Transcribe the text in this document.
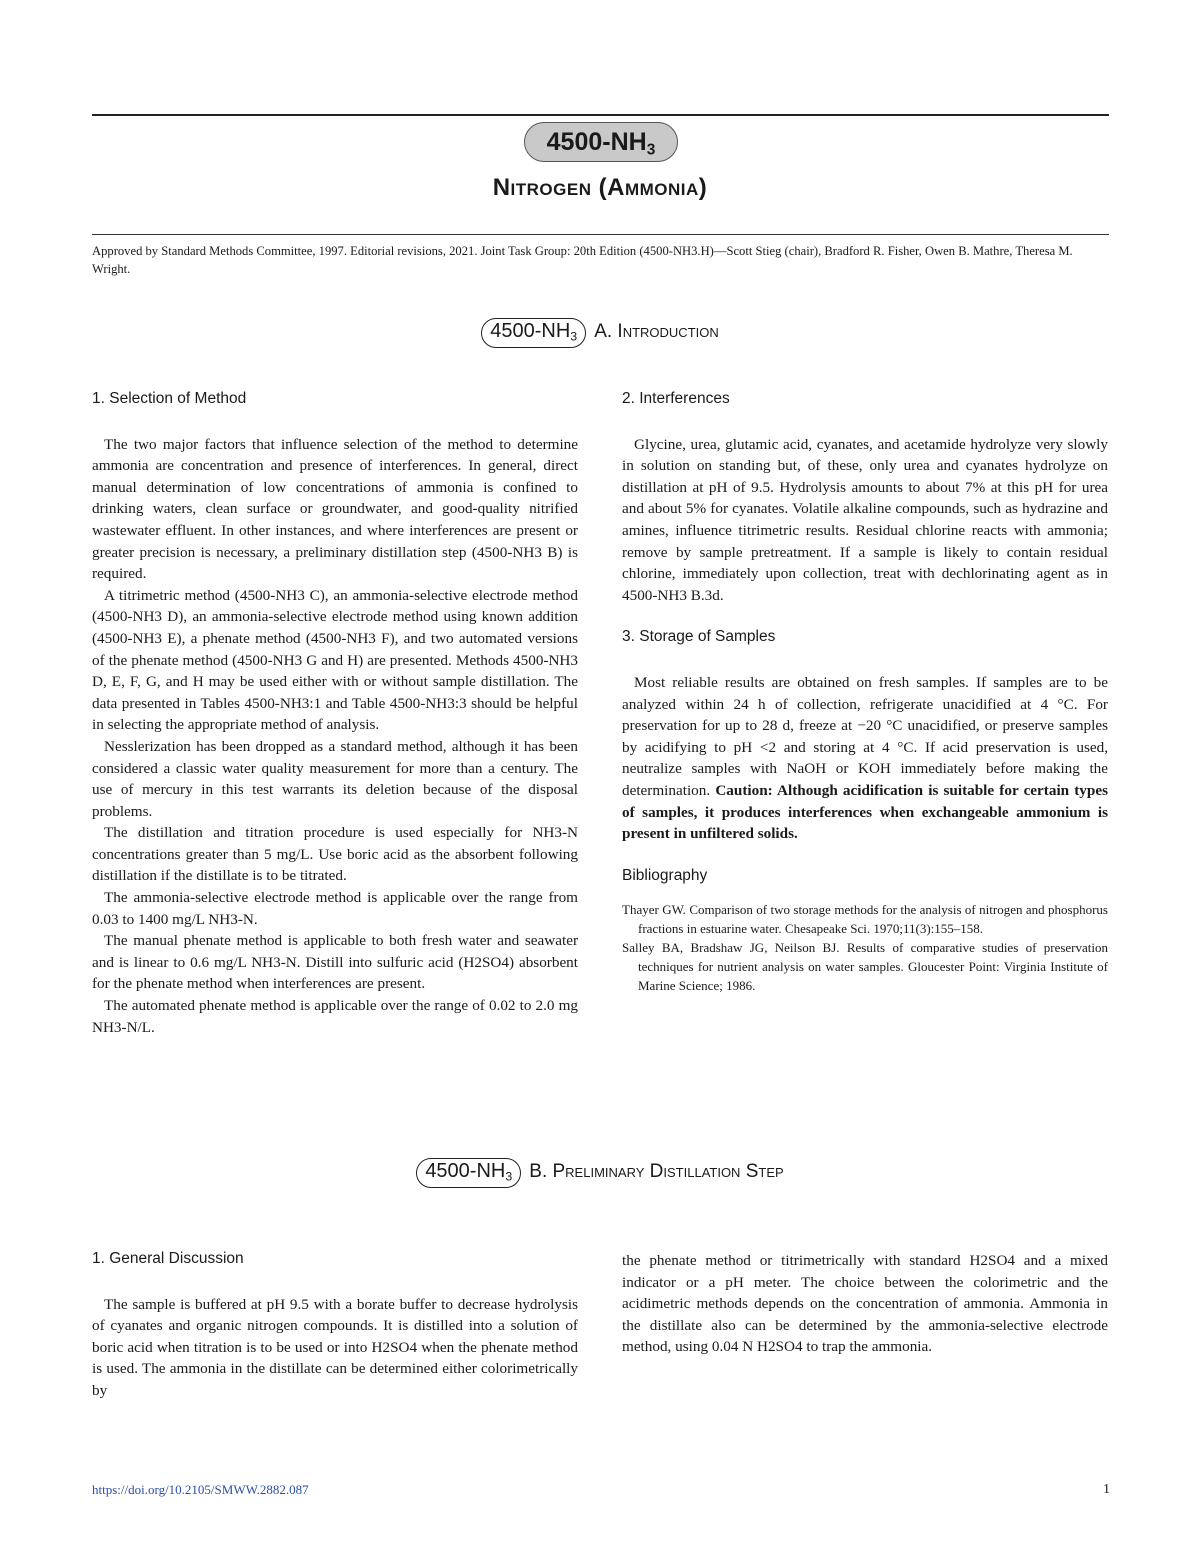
$4500-NH_3$
Nitrogen (Ammonia)
Approved by Standard Methods Committee, 1997. Editorial revisions, 2021. Joint Task Group: 20th Edition (4500-NH3.H)—Scott Stieg (chair), Bradford R. Fisher, Owen B. Mathre, Theresa M. Wright.
$4500-NH_3$ A. Introduction
1. Selection of Method

The two major factors that influence selection of the method to determine ammonia are concentration and presence of interferences. In general, direct manual determination of low concentrations of ammonia is confined to drinking waters, clean surface or groundwater, and good-quality nitrified wastewater effluent. In other instances, and where interferences are present or greater precision is necessary, a preliminary distillation step (4500-NH3 B) is required.

A titrimetric method (4500-NH3 C), an ammonia-selective electrode method (4500-NH3 D), an ammonia-selective electrode method using known addition (4500-NH3 E), a phenate method (4500-NH3 F), and two automated versions of the phenate method (4500-NH3 G and H) are presented. Methods 4500-NH3 D, E, F, G, and H may be used either with or without sample distillation. The data presented in Tables 4500-NH3:1 and Table 4500-NH3:3 should be helpful in selecting the appropriate method of analysis.

Nesslerization has been dropped as a standard method, although it has been considered a classic water quality measurement for more than a century. The use of mercury in this test warrants its deletion because of the disposal problems.

The distillation and titration procedure is used especially for NH3-N concentrations greater than 5 mg/L. Use boric acid as the absorbent following distillation if the distillate is to be titrated.

The ammonia-selective electrode method is applicable over the range from 0.03 to 1400 mg/L NH3-N.

The manual phenate method is applicable to both fresh water and seawater and is linear to 0.6 mg/L NH3-N. Distill into sulfuric acid (H2SO4) absorbent for the phenate method when interferences are present.

The automated phenate method is applicable over the range of 0.02 to 2.0 mg NH3-N/L.

2. Interferences

Glycine, urea, glutamic acid, cyanates, and acetamide hydrolyze very slowly in solution on standing but, of these, only urea and cyanates hydrolyze on distillation at pH of 9.5. Hydrolysis amounts to about 7% at this pH for urea and about 5% for cyanates. Volatile alkaline compounds, such as hydrazine and amines, influence titrimetric results. Residual chlorine reacts with ammonia; remove by sample pretreatment. If a sample is likely to contain residual chlorine, immediately upon collection, treat with dechlorinating agent as in 4500-NH3 B.3d.

3. Storage of Samples

Most reliable results are obtained on fresh samples. If samples are to be analyzed within 24 h of collection, refrigerate unacidified at 4 °C. For preservation for up to 28 d, freeze at −20 °C unacidified, or preserve samples by acidifying to pH <2 and storing at 4 °C. If acid preservation is used, neutralize samples with NaOH or KOH immediately before making the determination. Caution: Although acidification is suitable for certain types of samples, it produces interferences when exchangeable ammonium is present in unfiltered solids.

Bibliography

Thayer GW. Comparison of two storage methods for the analysis of nitrogen and phosphorus fractions in estuarine water. Chesapeake Sci. 1970;11(3):155–158.

Salley BA, Bradshaw JG, Neilson BJ. Results of comparative studies of preservation techniques for nutrient analysis on water samples. Gloucester Point: Virginia Institute of Marine Science; 1986.

$4500-NH_3$ B. Preliminary Distillation Step
1. General Discussion

The sample is buffered at pH 9.5 with a borate buffer to decrease hydrolysis of cyanates and organic nitrogen compounds. It is distilled into a solution of boric acid when titration is to be used or into H2SO4 when the phenate method is used. The ammonia in the distillate can be determined either colorimetrically by

the phenate method or titrimetrically with standard H2SO4 and a mixed indicator or a pH meter. The choice between the colorimetric and the acidimetric methods depends on the concentration of ammonia. Ammonia in the distillate also can be determined by the ammonia-selective electrode method, using 0.04 N H2SO4 to trap the ammonia.

https://doi.org/10.2105/SMWW.2882.087	1
